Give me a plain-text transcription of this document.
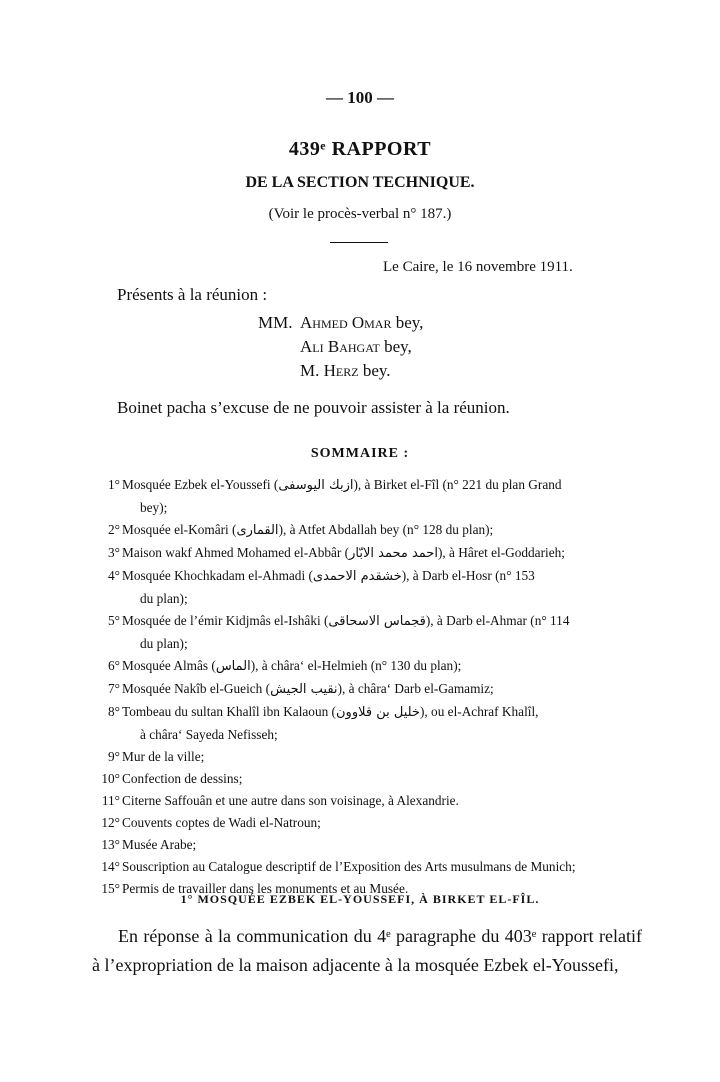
— 100 —
439ᵉ RAPPORT
DE LA SECTION TECHNIQUE.
(Voir le procès-verbal n° 187.)
Le Caire, le 16 novembre 1911.
Présents à la réunion :
MM. Ahmed Omar bey,
Ali Bahgat bey,
M. Herz bey.
Boinet pacha s’excuse de ne pouvoir assister à la réunion.
SOMMAIRE :
1° Mosquée Ezbek el-Youssefi (ازبك اليوسفى), à Birket el-Fîl (n° 221 du plan Grand
bey);
2° Mosquée el-Komâri (القمارى), à Atfet Abdallah bey (n° 128 du plan);
3° Maison wakf Ahmed Mohamed el-Abbâr (احمد محمد الابّار), à Hâret el-Goddarieh;
4° Mosquée Khochkadam el-Ahmadi (خشقدم الاحمدى), à Darb el-Hosr (n° 153
du plan);
5° Mosquée de l’émir Kidjmâs el-Ishâki (قجماس الاسحاقى), à Darb el-Ahmar (n° 114
du plan);
6° Mosquée Almâs (الماس), à châra‘ el-Helmieh (n° 130 du plan);
7° Mosquée Nakîb el-Gueich (نقيب الجيش), à châra‘ Darb el-Gamamiz;
8° Tombeau du sultan Khalîl ibn Kalaoun (خليل بن قلاوون), ou el-Achraf Khalîl,
à châra‘ Sayeda Nefisseh;
9° Mur de la ville;
10° Confection de dessins;
11° Citerne Saffouân et une autre dans son voisinage, à Alexandrie.
12° Couvents coptes de Wadi el-Natroun;
13° Musée Arabe;
14° Souscription au Catalogue descriptif de l’Exposition des Arts musulmans de Munich;
15° Permis de travailler dans les monuments et au Musée.
1° MOSQUÉE EZBEK EL-YOUSSEFI, À BIRKET EL-FÎL.

En réponse à la communication du 4ᵉ paragraphe du 403ᵉ rapport relatif à l’expropriation de la maison adjacente à la mosquée Ezbek el-Youssefi,
